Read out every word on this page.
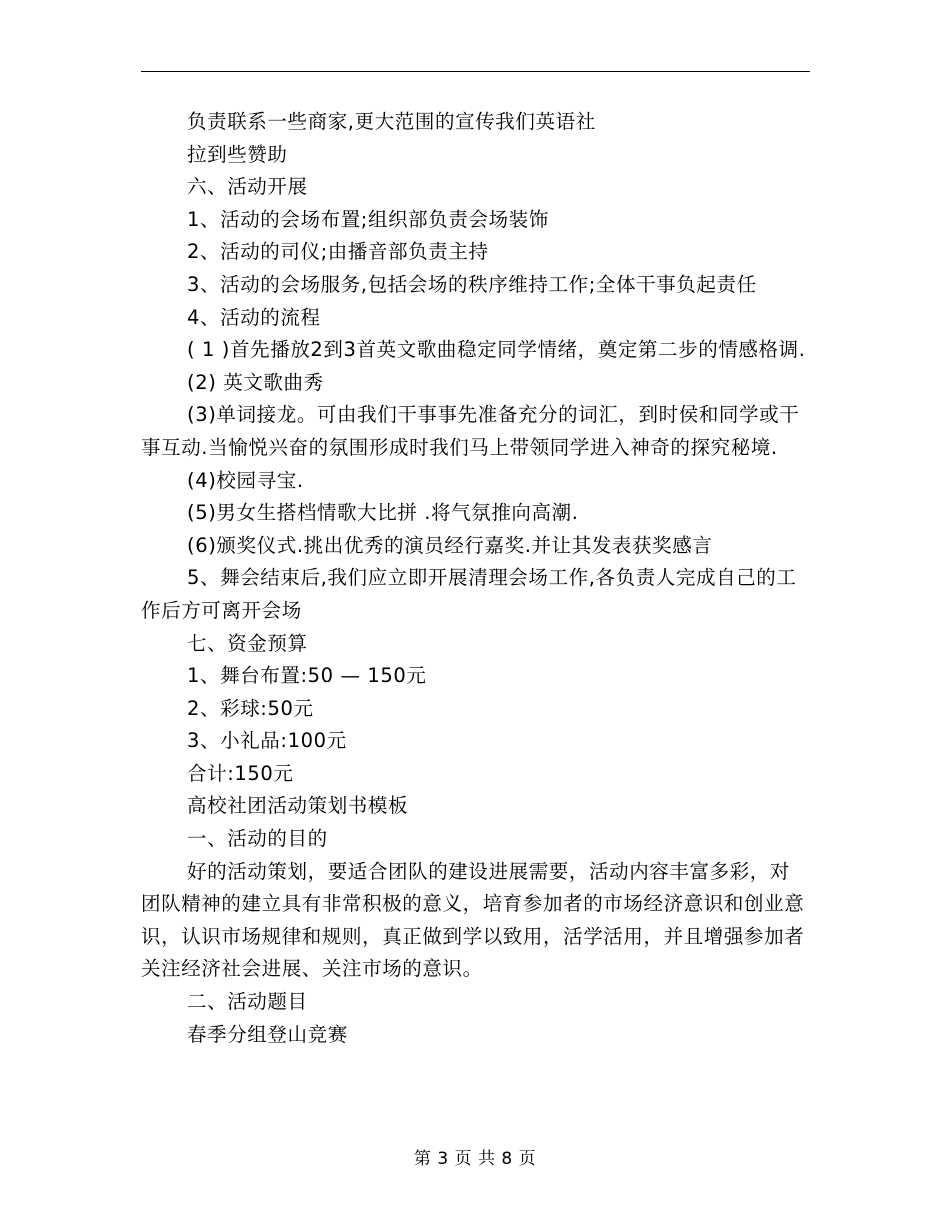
负责联系一些商家,更大范围的宣传我们英语社

拉到些赞助

六、活动开展

1、活动的会场布置;组织部负责会场装饰

2、活动的司仪;由播音部负责主持

3、活动的会场服务,包括会场的秩序维持工作;全体干事负起责任

4、活动的流程

( 1 )首先播放2到3首英文歌曲稳定同学情绪，奠定第二步的情感格调.

(2) 英文歌曲秀

(3)单词接龙。可由我们干事事先准备充分的词汇，到时侯和同学或干事互动.当愉悦兴奋的氛围形成时我们马上带领同学进入神奇的探究秘境.

(4)校园寻宝.

(5)男女生搭档情歌大比拼 .将气氛推向高潮.

(6)颁奖仪式.挑出优秀的演员经行嘉奖.并让其发表获奖感言

5、舞会结束后,我们应立即开展清理会场工作,各负责人完成自己的工作后方可离开会场

七、资金预算

1、舞台布置:50 — 150元

2、彩球:50元

3、小礼品:100元

合计:150元

高校社团活动策划书模板

一、活动的目的

好的活动策划，要适合团队的建设进展需要，活动内容丰富多彩，对团队精神的建立具有非常积极的意义，培育参加者的市场经济意识和创业意识，认识市场规律和规则，真正做到学以致用，活学活用，并且增强参加者关注经济社会进展、关注市场的意识。

二、活动题目

春季分组登山竞赛

第 3 页 共 8 页
